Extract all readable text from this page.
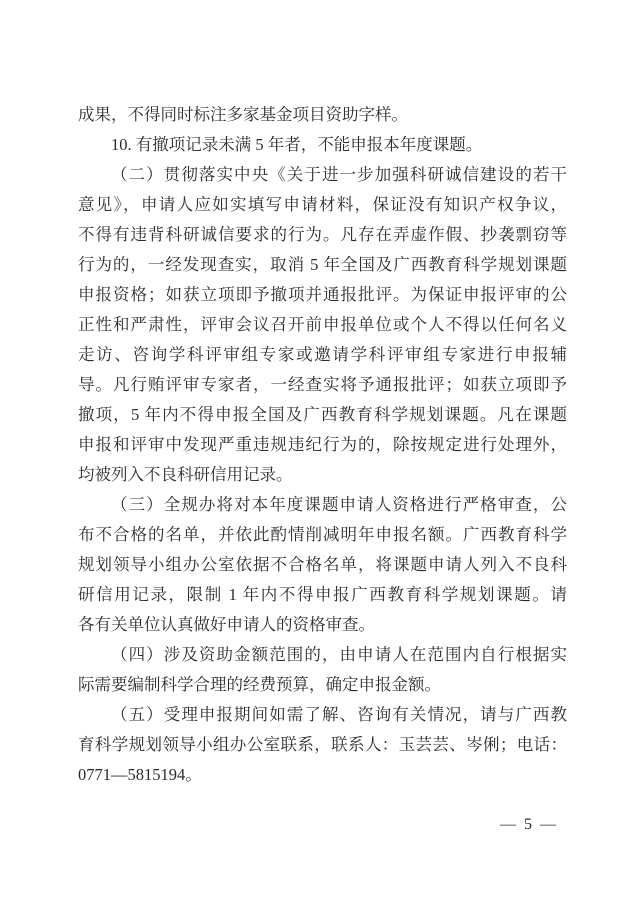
成果，不得同时标注多家基金项目资助字样。
10. 有撤项记录未满 5 年者，不能申报本年度课题。
（二）贯彻落实中央《关于进一步加强科研诚信建设的若干
意见》，申请人应如实填写申请材料，保证没有知识产权争议，
不得有违背科研诚信要求的行为。凡存在弄虚作假、抄袭剽窃等
行为的，一经发现查实，取消 5 年全国及广西教育科学规划课题
申报资格；如获立项即予撤项并通报批评。为保证申报评审的公
正性和严肃性，评审会议召开前申报单位或个人不得以任何名义
走访、咨询学科评审组专家或邀请学科评审组专家进行申报辅
导。凡行贿评审专家者，一经查实将予通报批评；如获立项即予
撤项，5 年内不得申报全国及广西教育科学规划课题。凡在课题
申报和评审中发现严重违规违纪行为的，除按规定进行处理外，
均被列入不良科研信用记录。
（三）全规办将对本年度课题申请人资格进行严格审查，公
布不合格的名单，并依此酌情削减明年申报名额。广西教育科学
规划领导小组办公室依据不合格名单，将课题申请人列入不良科
研信用记录，限制 1 年内不得申报广西教育科学规划课题。请
各有关单位认真做好申请人的资格审查。
（四）涉及资助金额范围的，由申请人在范围内自行根据实
际需要编制科学合理的经费预算，确定申报金额。
（五）受理申报期间如需了解、咨询有关情况，请与广西教
育科学规划领导小组办公室联系，联系人：玉芸芸、岑俐；电话：
0771—5815194。
— 5 —
